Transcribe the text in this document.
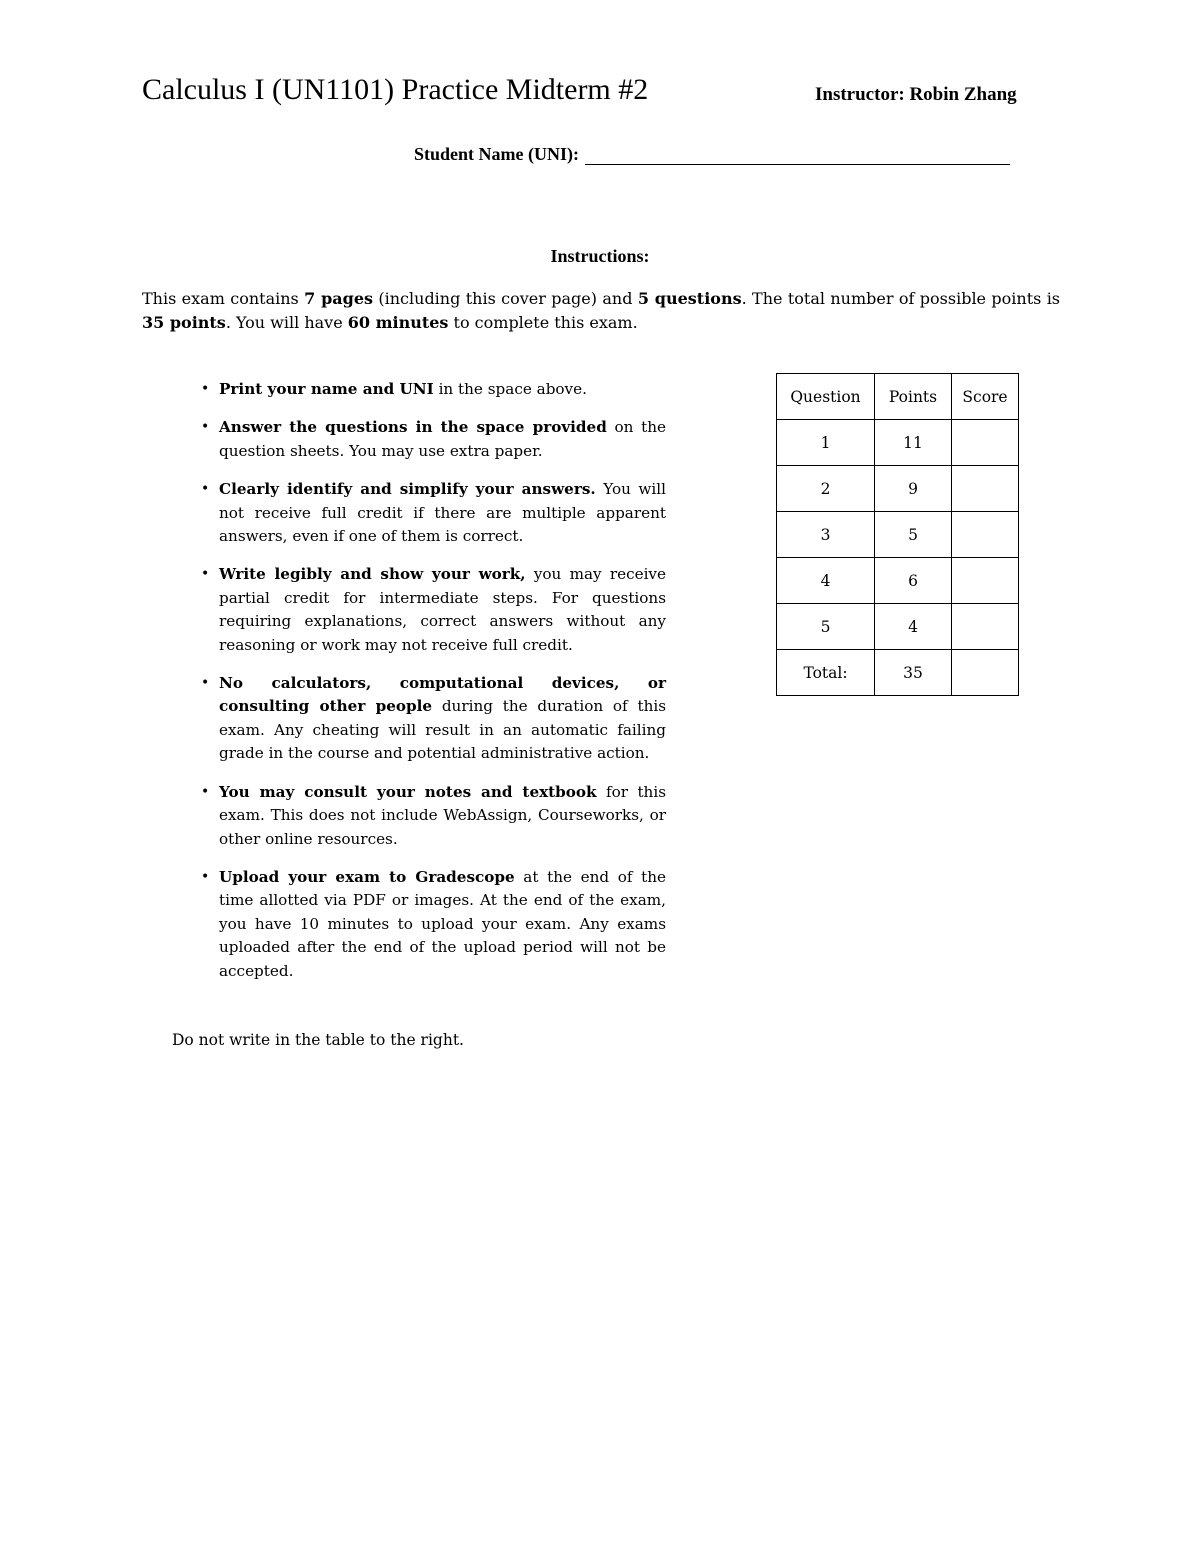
Calculus I (UN1101) Practice Midterm #2	Instructor: Robin Zhang
Student Name (UNI):
Instructions:
This exam contains 7 pages (including this cover page) and 5 questions. The total number of possible points is 35 points. You will have 60 minutes to complete this exam.
• Print your name and UNI in the space above.
• Answer the questions in the space provided on the question sheets. You may use extra paper.
• Clearly identify and simplify your answers. You will not receive full credit if there are multiple apparent answers, even if one of them is correct.
• Write legibly and show your work, you may receive partial credit for intermediate steps. For questions requiring explanations, correct answers without any reasoning or work may not receive full credit.
• No calculators, computational devices, or consulting other people during the duration of this exam. Any cheating will result in an automatic failing grade in the course and potential administrative action.
• You may consult your notes and textbook for this exam. This does not include WebAssign, Courseworks, or other online resources.
• Upload your exam to Gradescope at the end of the time allotted via PDF or images. At the end of the exam, you have 10 minutes to upload your exam. Any exams uploaded after the end of the upload period will not be accepted.
Do not write in the table to the right.
Question	Points	Score
1	11	
2	9	
3	5	
4	6	
5	4	
Total:	35	
